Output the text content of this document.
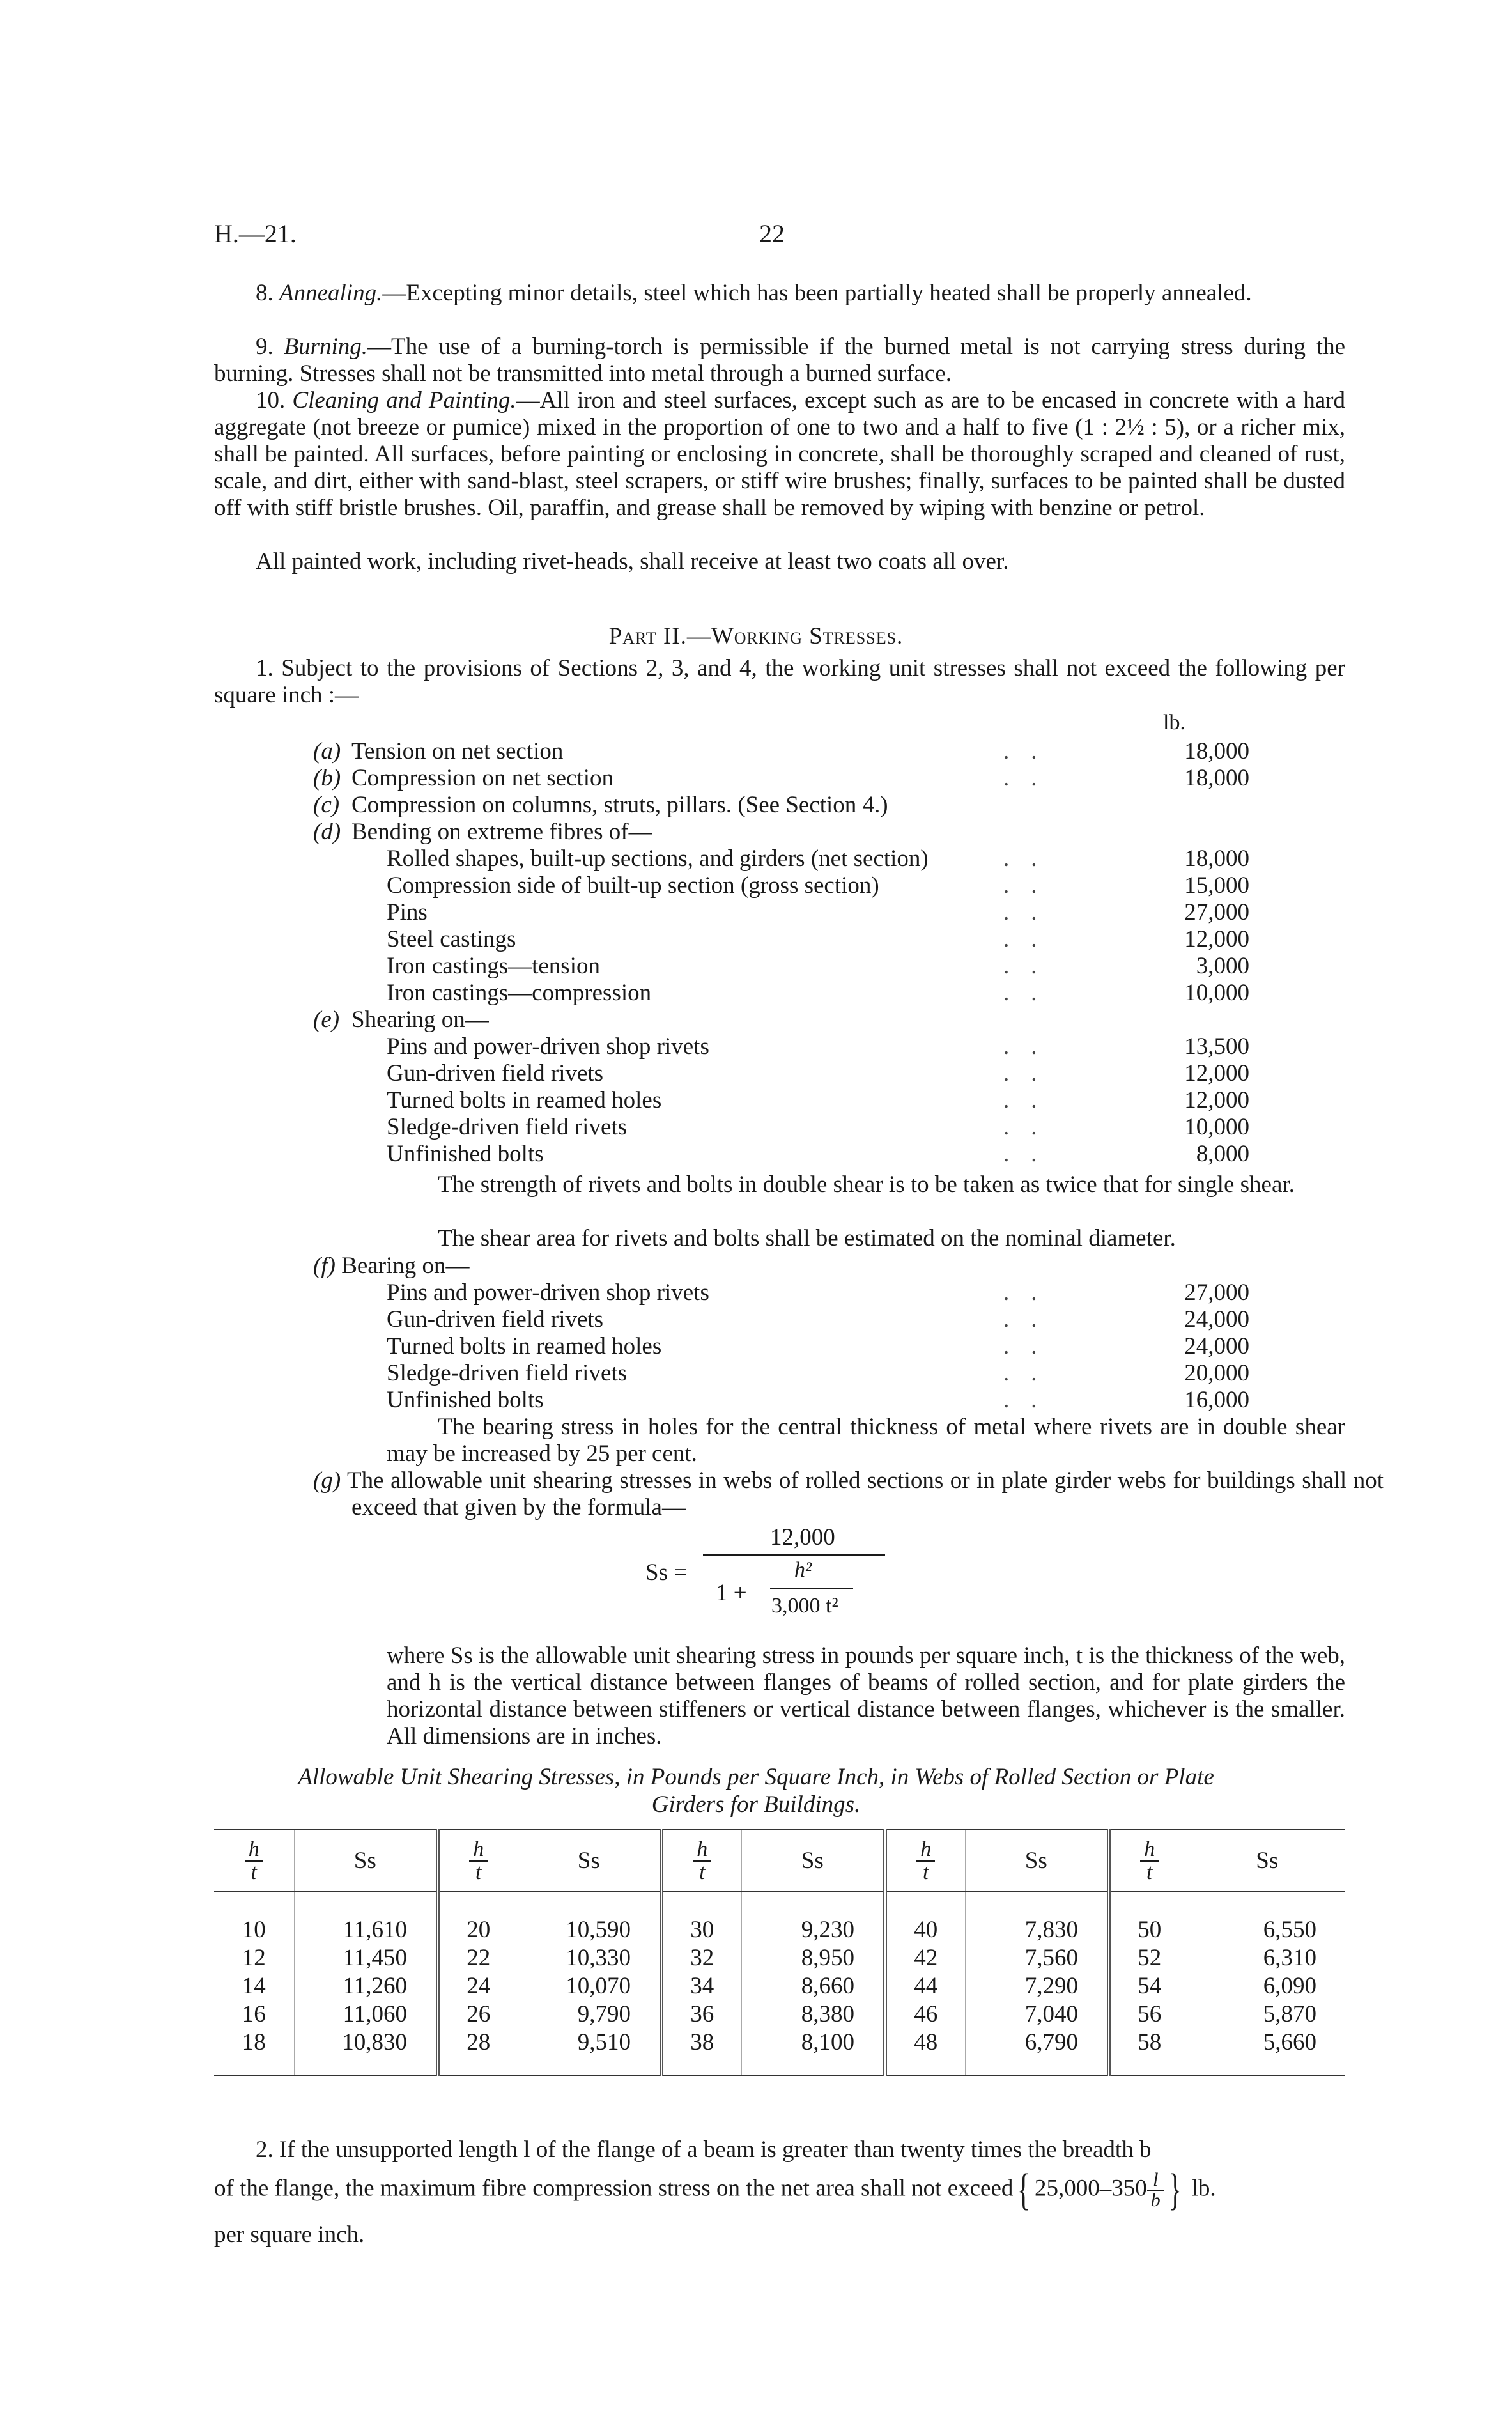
H.—21.	22
8. Annealing.—Excepting minor details, steel which has been partially heated shall be properly annealed.
9. Burning.—The use of a burning-torch is permissible if the burned metal is not carrying stress during the burning. Stresses shall not be transmitted into metal through a burned surface.
10. Cleaning and Painting.—All iron and steel surfaces, except such as are to be encased in concrete with a hard aggregate (not breeze or pumice) mixed in the proportion of one to two and a half to five (1 : 2½ : 5), or a richer mix, shall be painted. All surfaces, before painting or enclosing in concrete, shall be thoroughly scraped and cleaned of rust, scale, and dirt, either with sand-blast, steel scrapers, or stiff wire brushes; finally, surfaces to be painted shall be dusted off with stiff bristle brushes. Oil, paraffin, and grease shall be removed by wiping with benzine or petrol.
All painted work, including rivet-heads, shall receive at least two coats all over.
Part II.—Working Stresses.
1. Subject to the provisions of Sections 2, 3, and 4, the working unit stresses shall not exceed the following per square inch :—
lb.
(a) Tension on net section	..	18,000
(b) Compression on net section	..	18,000
(c) Compression on columns, struts, pillars. (See Section 4.)
(d) Bending on extreme fibres of—
Rolled shapes, built-up sections, and girders (net section)	..	18,000
Compression side of built-up section (gross section)	..	15,000
Pins	..	27,000
Steel castings	..	12,000
Iron castings—tension	..	3,000
Iron castings—compression	..	10,000
(e) Shearing on—
Pins and power-driven shop rivets	..	13,500
Gun-driven field rivets	..	12,000
Turned bolts in reamed holes	..	12,000
Sledge-driven field rivets	..	10,000
Unfinished bolts	..	8,000
The strength of rivets and bolts in double shear is to be taken as twice that for single shear.
The shear area for rivets and bolts shall be estimated on the nominal diameter.
(f) Bearing on—
Pins and power-driven shop rivets	..	27,000
Gun-driven field rivets	..	24,000
Turned bolts in reamed holes	..	24,000
Sledge-driven field rivets	..	20,000
Unfinished bolts	..	16,000
The bearing stress in holes for the central thickness of metal where rivets are in double shear may be increased by 25 per cent.
(g) The allowable unit shearing stresses in webs of rolled sections or in plate girder webs for buildings shall not exceed that given by the formula—
Ss =
12,000
1 +
h²
3,000 t²
where Ss is the allowable unit shearing stress in pounds per square inch, t is the thickness of the web, and h is the vertical distance between flanges of beams of rolled section, and for plate girders the horizontal distance between stiffeners or vertical distance between flanges, whichever is the smaller. All dimensions are in inches.
Allowable Unit Shearing Stresses, in Pounds per Square Inch, in Webs of Rolled Section or Plate
Girders for Buildings.
$\frac{h}{t}$	Ss	$\frac{h}{t}$	Ss	$\frac{h}{t}$	Ss	$\frac{h}{t}$	Ss	$\frac{h}{t}$	Ss

10	11,610	20	10,590	30	9,230	40	7,830	50	6,550
12	11,450	22	10,330	32	8,950	42	7,560	52	6,310
14	11,260	24	10,070	34	8,660	44	7,290	54	6,090
16	11,060	26	9,790	36	8,380	46	7,040	56	5,870
18	10,830	28	9,510	38	8,100	48	6,790	58	5,660

2. If the unsupported length l of the flange of a beam is greater than twenty times the breadth b
of the flange, the maximum fibre compression stress on the net area shall not exceed{ $25,000-350 \frac{l}{b}$ } lb.
per square inch.
